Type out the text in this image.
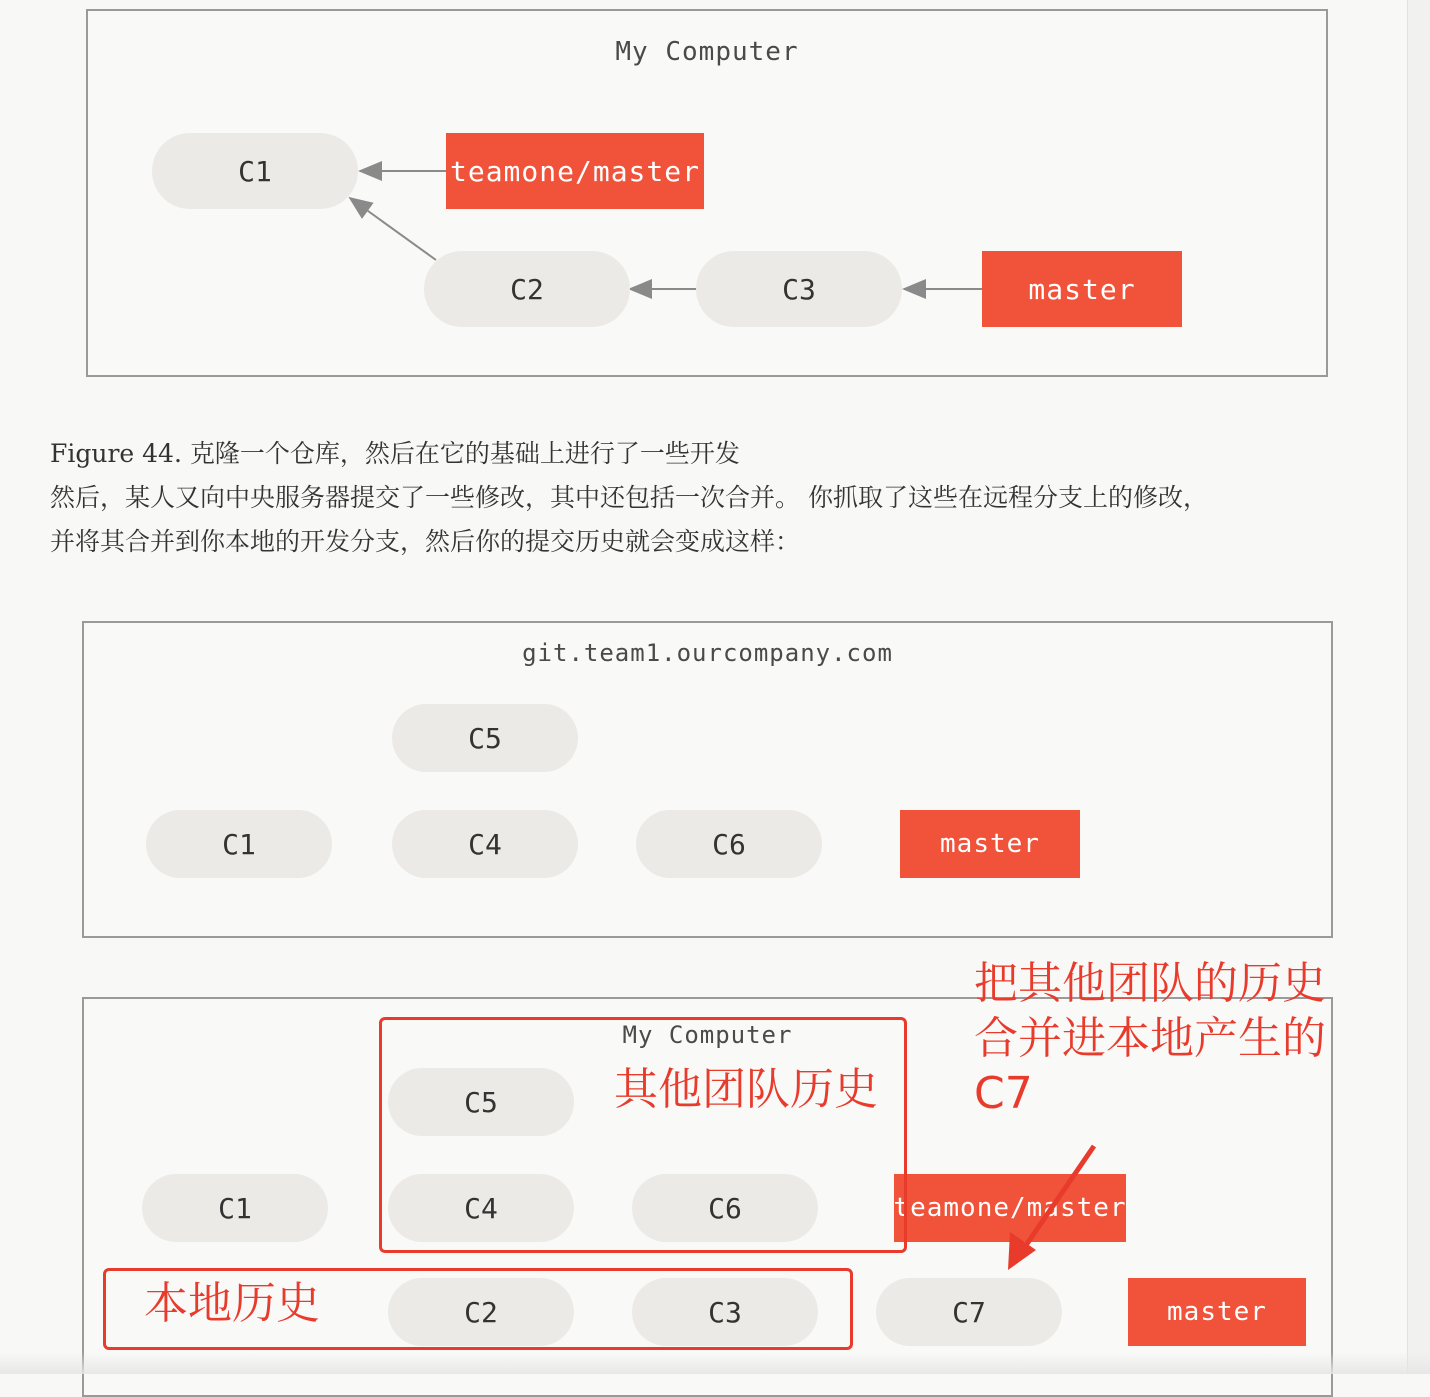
My Computer
C1	teamone/master
C2	C3	master
Figure 44. 克隆一个仓库，然后在它的基础上进行了一些开发
然后，某人又向中央服务器提交了一些修改，其中还包括一次合并。 你抓取了这些在远程分支上的修改，
并将其合并到你本地的开发分支，然后你的提交历史就会变成这样：
git.team1.ourcompany.com
C1	C4
C5
C6	master
My Computer
C1
C5
C4	C6	teamone/master
C2	C3	C7	master
其他团队历史
本地历史
把其他团队的历史
合并进本地产生的
C7
